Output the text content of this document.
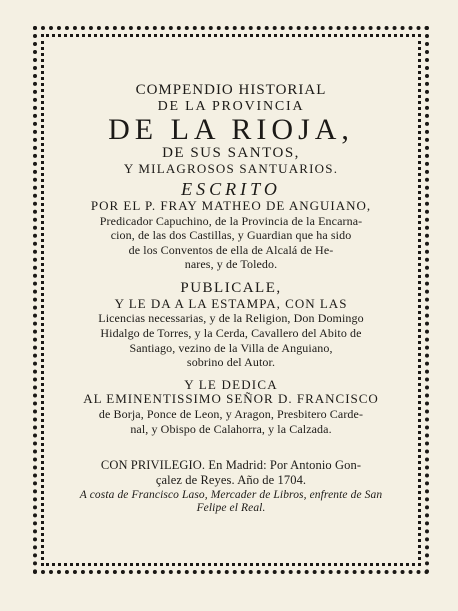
COMPENDIO HISTORIAL
DE LA PROVINCIA
DE LA RIOJA,
DE SUS SANTOS,
Y MILAGROSOS SANTUARIOS.
ESCRITO
POR EL P. FRAY MATHEO DE ANGUIANO,
Predicador Capuchino, de la Provincia de la Encarna-
cion, de las dos Castillas, y Guardian que ha sido
de los Conventos de ella de Alcalá de He-
nares, y de Toledo.
PUBLICALE,
Y LE DA A LA ESTAMPA, CON LAS
Licencias necessarias, y de la Religion, Don Domingo
Hidalgo de Torres, y la Cerda, Cavallero del Abito de
Santiago, vezino de la Villa de Anguiano,
sobrino del Autor.
Y LE DEDICA
AL EMINENTISSIMO SEÑOR D. FRANCISCO
de Borja, Ponce de Leon, y Aragon, Presbitero Carde-
nal, y Obispo de Calahorra, y la Calzada.
CON PRIVILEGIO. En Madrid: Por Antonio Gon-
çalez de Reyes. Año de 1704.
A costa de Francisco Laso, Mercader de Libros, enfrente de San
Felipe el Real.
